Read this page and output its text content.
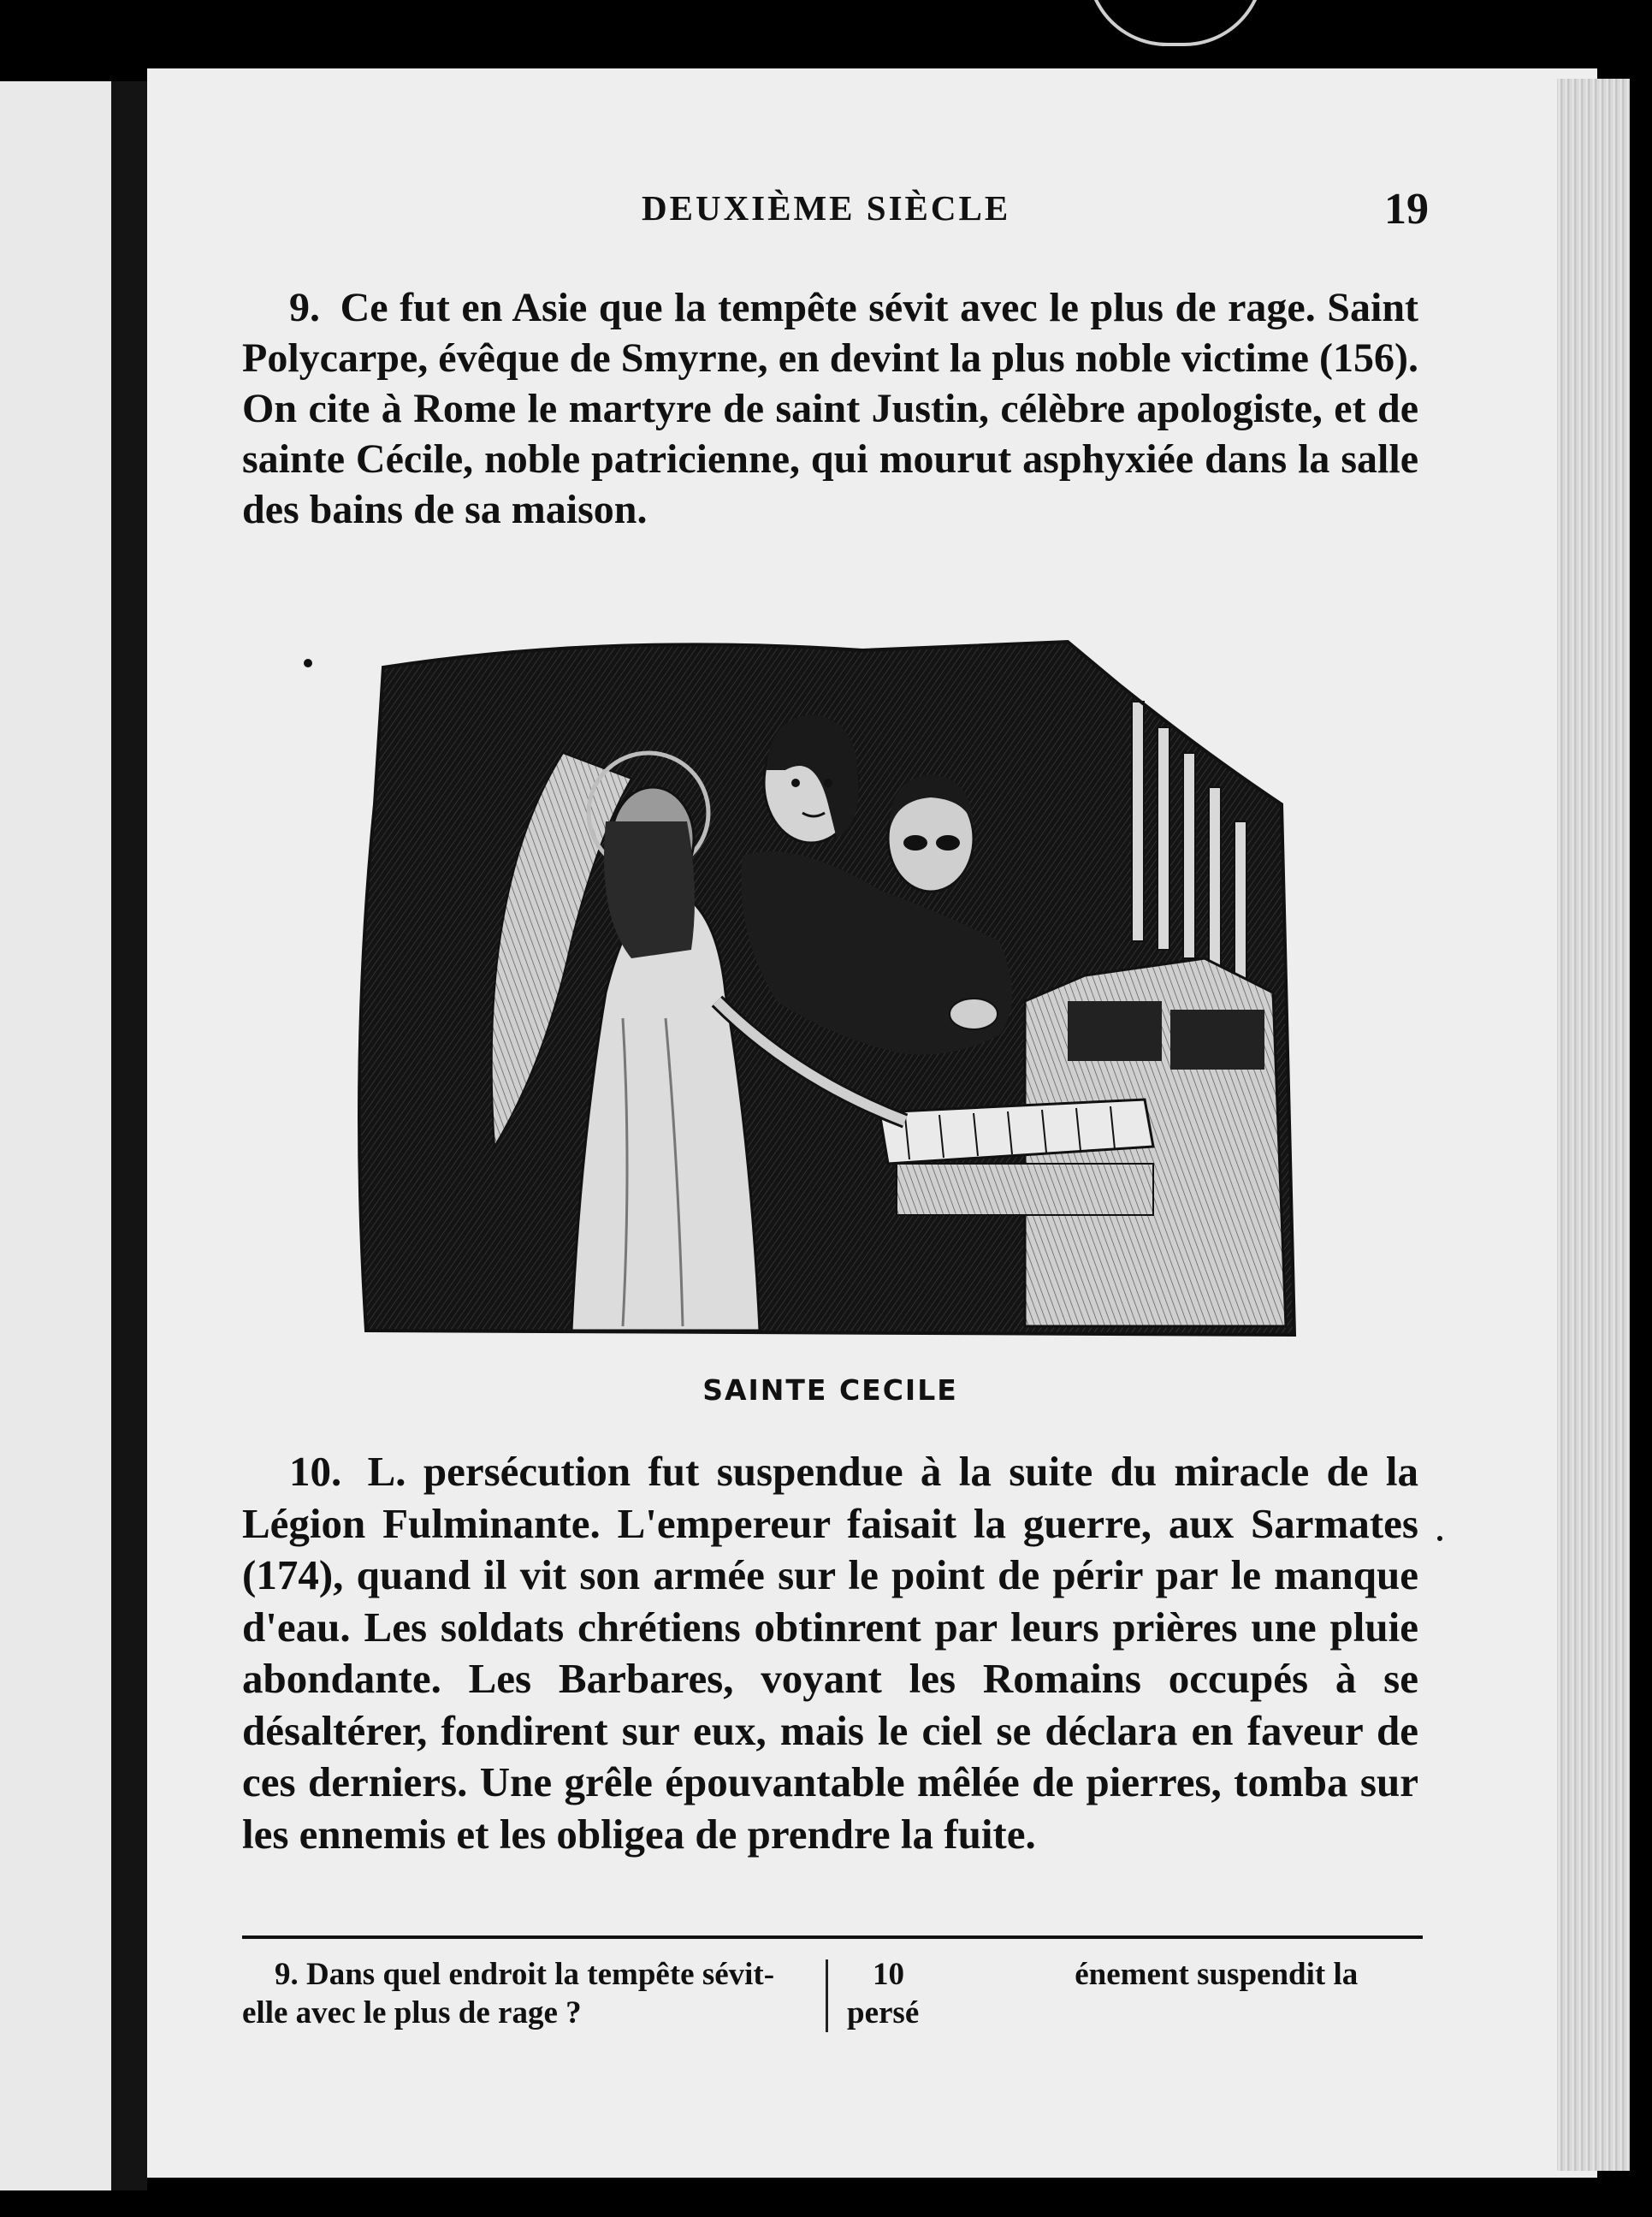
DEUXIÈME SIÈCLE	19
9. Ce fut en Asie que la tempête sévit avec le plus de rage. Saint Polycarpe, évêque de Smyrne, en devint la plus noble victime (156). On cite à Rome le martyre de saint Justin, célèbre apologiste, et de sainte Cécile, noble patricienne, qui mourut asphyxiée dans la salle des bains de sa maison.
SAINTE CECILE
10. L. persécution fut suspendue à la suite du miracle de la Légion Fulminante. L'empereur faisait la guerre, aux Sarmates (174), quand il vit son armée sur le point de périr par le manque d'eau. Les soldats chrétiens obtinrent par leurs prières une pluie abondante. Les Barbares, voyant les Romains occupés à se désaltérer, fondirent sur eux, mais le ciel se déclara en faveur de ces derniers. Une grêle épouvantable mêlée de pierres, tomba sur les ennemis et les obligea de prendre la fuite.
9. Dans quel endroit la tempête sévit-elle avec le plus de rage ?
10	énement suspendit la
persé
